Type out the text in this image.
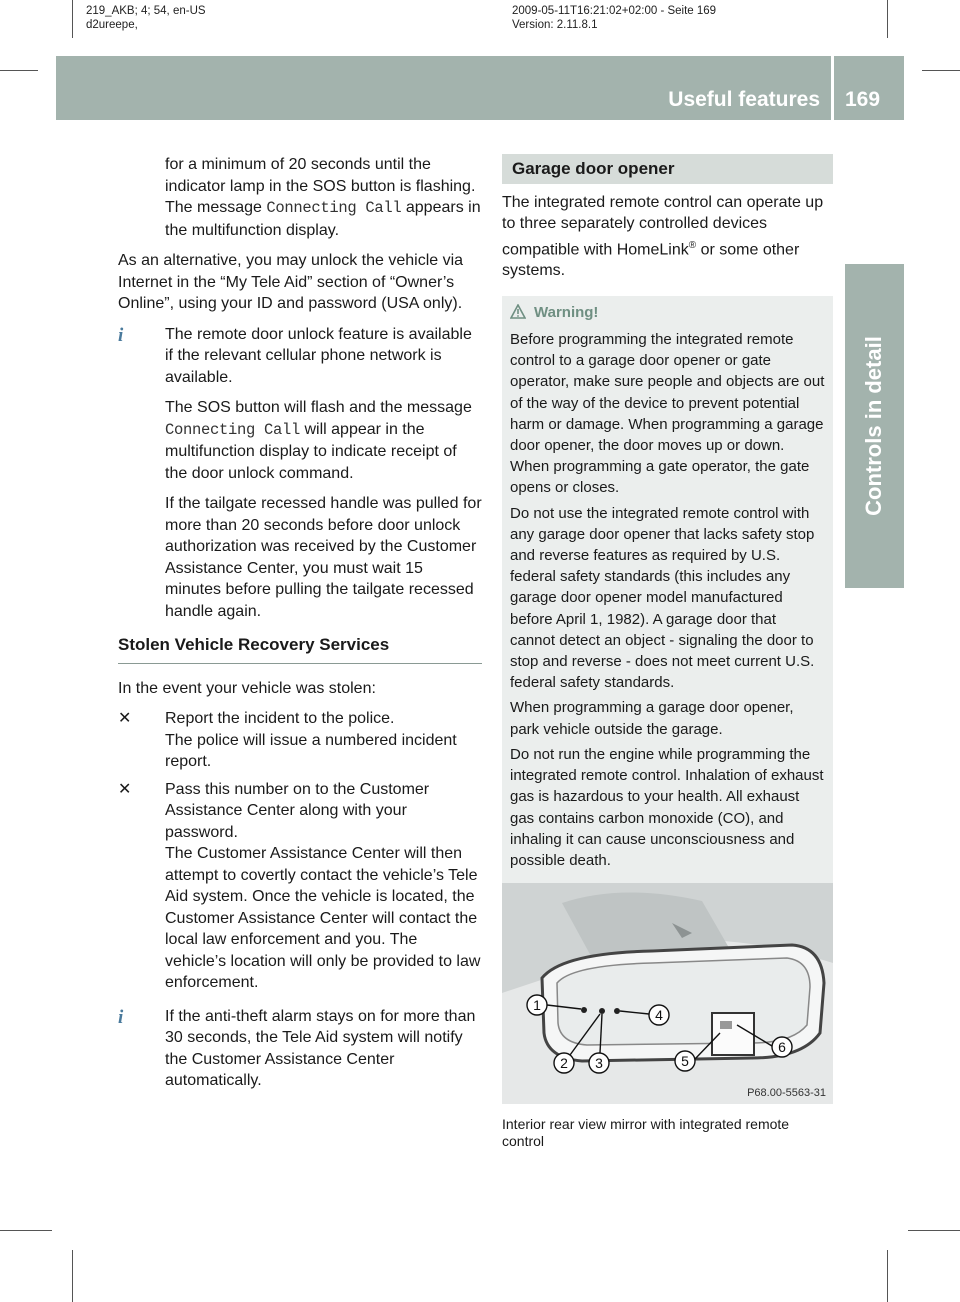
219_AKB; 4; 54, en-US
d2ureepe,
2009-05-11T16:21:02+02:00 - Seite 169
Version: 2.11.8.1
Useful features 169
Controls in detail

for a minimum of 20 seconds until the indicator lamp in the SOS button is flashing.
The message Connecting Call appears in the multifunction display.

As an alternative, you may unlock the vehicle via Internet in the “My Tele Aid” section of “Owner’s Online”, using your ID and password (USA only).

i	The remote door unlock feature is available if the relevant cellular phone network is available.

The SOS button will flash and the message Connecting Call will appear in the multifunction display to indicate receipt of the door unlock command.

If the tailgate recessed handle was pulled for more than 20 seconds before door unlock authorization was received by the Customer Assistance Center, you must wait 15 minutes before pulling the tailgate recessed handle again.

Stolen Vehicle Recovery Services

In the event your vehicle was stolen:

✕ Report the incident to the police.
The police will issue a numbered incident report.
✕ Pass this number on to the Customer Assistance Center along with your password.
The Customer Assistance Center will then attempt to covertly contact the vehicle’s Tele Aid system. Once the vehicle is located, the Customer Assistance Center will contact the local law enforcement and you. The vehicle’s location will only be provided to law enforcement.
i	If the anti-theft alarm stays on for more than 30 seconds, the Tele Aid system will notify the Customer Assistance Center automatically.

Garage door opener

The integrated remote control can operate up to three separately controlled devices compatible with HomeLink® or some other systems.

Warning!

Before programming the integrated remote control to a garage door opener or gate operator, make sure people and objects are out of the way of the device to prevent potential harm or damage. When programming a garage door opener, the door moves up or down. When programming a gate operator, the gate opens or closes.

Do not use the integrated remote control with any garage door opener that lacks safety stop and reverse features as required by U.S. federal safety standards (this includes any garage door opener model manufactured before April 1, 1982). A garage door that cannot detect an object - signaling the door to stop and reverse - does not meet current U.S. federal safety standards.

When programming a garage door opener, park vehicle outside the garage.

Do not run the engine while programming the integrated remote control. Inhalation of exhaust gas is hazardous to your health. All exhaust gas contains carbon monoxide (CO), and inhaling it can cause unconsciousness and possible death.

1
2 3
4
5
6
P68.00-5563-31
Interior rear view mirror with integrated remote control
